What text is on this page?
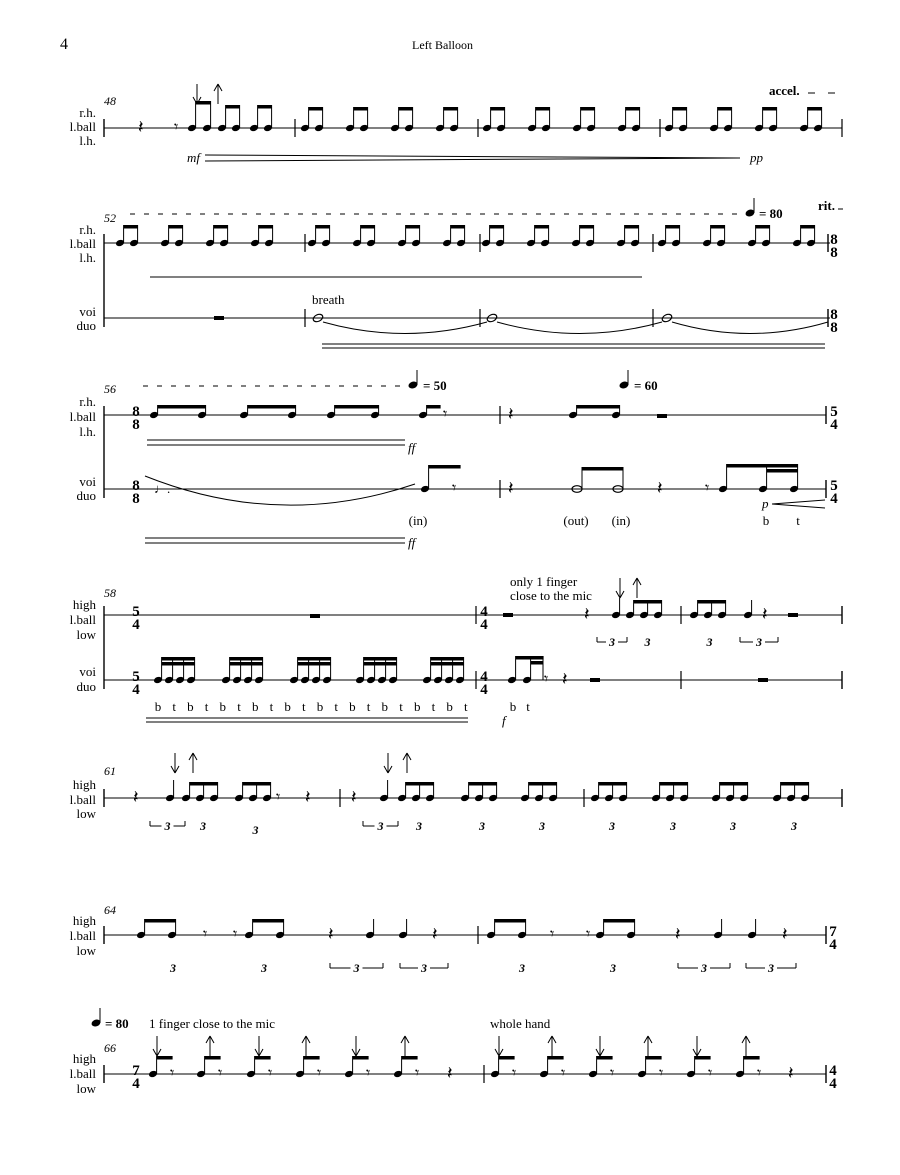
4	Left Balloon
48
r.h.
l.ball
l.h.
𝄽 𝄾
accel.
mf	pp
52
r.h.
l.ball
l.h.
voi
duo
= 80
rit.
breath
8
8
8
8
56
r.h.
l.ball
l.h.
voi
duo
= 50	= 60
8
8
8
8
𝄾
ff
♩.	𝄾
(in)
ff
𝄽
𝄽	𝄽	𝄾
(out) (in)
p
b t
5
4
5
4
58
high
l.ball
low
voi
duo
5
4
5
4
b t b t b t b t b t b t b t b t b t b t
4
4
4
4
only 1 finger
close to the mic
𝄽
3 3	3
𝄽
3
𝄾 𝄽
b t
f
61
high
l.ball
low
𝄽
3 3
𝄾
3
𝄽 𝄽
3	3	3	3	3	3	3	3
64
high
l.ball
low
𝄾
3
𝄾
3
𝄽
3
𝄽
3
𝄾
3
𝄾
3
𝄽
3
𝄽
3
7
4
= 80 1 finger close to the mic	whole hand
66
high
l.ball
low
7
4
𝄾	𝄾	𝄾	𝄾	𝄾	𝄾 𝄽	𝄾	𝄾	𝄾	𝄾	𝄾	𝄾 𝄽 4
4
